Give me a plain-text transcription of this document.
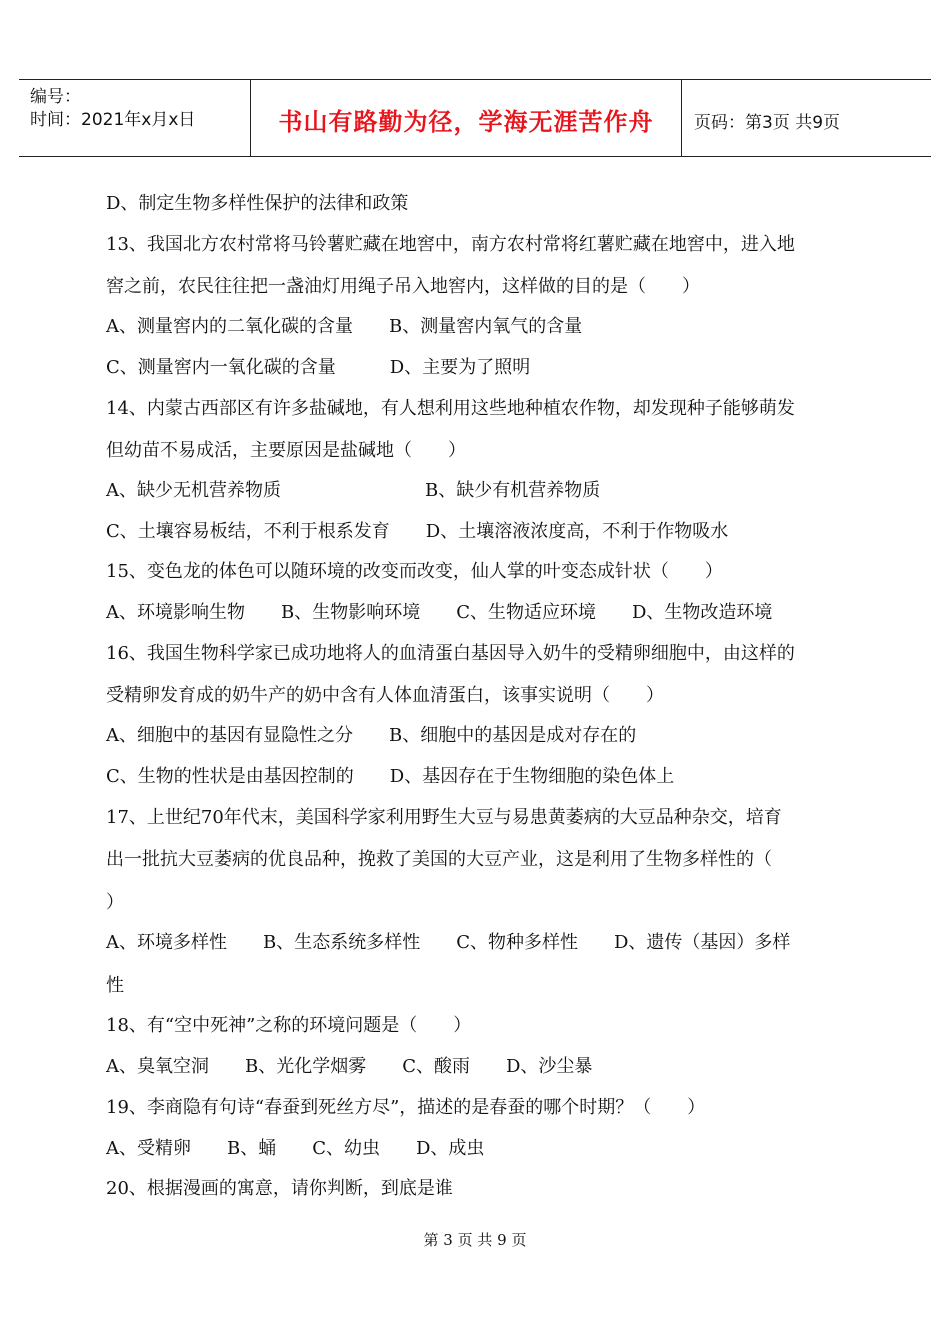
编号：
时间：2021年x月x日	书山有路勤为径，学海无涯苦作舟	页码：第3页 共9页
D、制定生物多样性保护的法律和政策
13、我国北方农村常将马铃薯贮藏在地窖中，南方农村常将红薯贮藏在地窖中，进入地
窖之前，农民往往把一盏油灯用绳子吊入地窖内，这样做的目的是（　　）
A、测量窖内的二氧化碳的含量　　B、测量窖内氧气的含量
C、测量窖内一氧化碳的含量　　　D、主要为了照明
14、内蒙古西部区有许多盐碱地，有人想利用这些地种植农作物，却发现种子能够萌发
但幼苗不易成活，主要原因是盐碱地（　　）
A、缺少无机营养物质　　　　　　　　B、缺少有机营养物质
C、土壤容易板结，不利于根系发育　　D、土壤溶液浓度高，不利于作物吸水
15、变色龙的体色可以随环境的改变而改变，仙人掌的叶变态成针状（　　）
A、环境影响生物　　B、生物影响环境　　C、生物适应环境　　D、生物改造环境
16、我国生物科学家已成功地将人的血清蛋白基因导入奶牛的受精卵细胞中，由这样的
受精卵发育成的奶牛产的奶中含有人体血清蛋白，该事实说明（　　）
A、细胞中的基因有显隐性之分　　B、细胞中的基因是成对存在的
C、生物的性状是由基因控制的　　D、基因存在于生物细胞的染色体上
17、上世纪70年代末，美国科学家利用野生大豆与易患黄萎病的大豆品种杂交，培育
出一批抗大豆萎病的优良品种，挽救了美国的大豆产业，这是利用了生物多样性的（
）
A、环境多样性　　B、生态系统多样性　　C、物种多样性　　D、遗传（基因）多样
性
18、有“空中死神”之称的环境问题是（　　）
A、臭氧空洞　　B、光化学烟雾　　C、酸雨　　D、沙尘暴
19、李商隐有句诗“春蚕到死丝方尽”，描述的是春蚕的哪个时期？（　　）
A、受精卵　　B、蛹　　C、幼虫　　D、成虫
20、根据漫画的寓意，请你判断，到底是谁
第 3 页 共 9 页
